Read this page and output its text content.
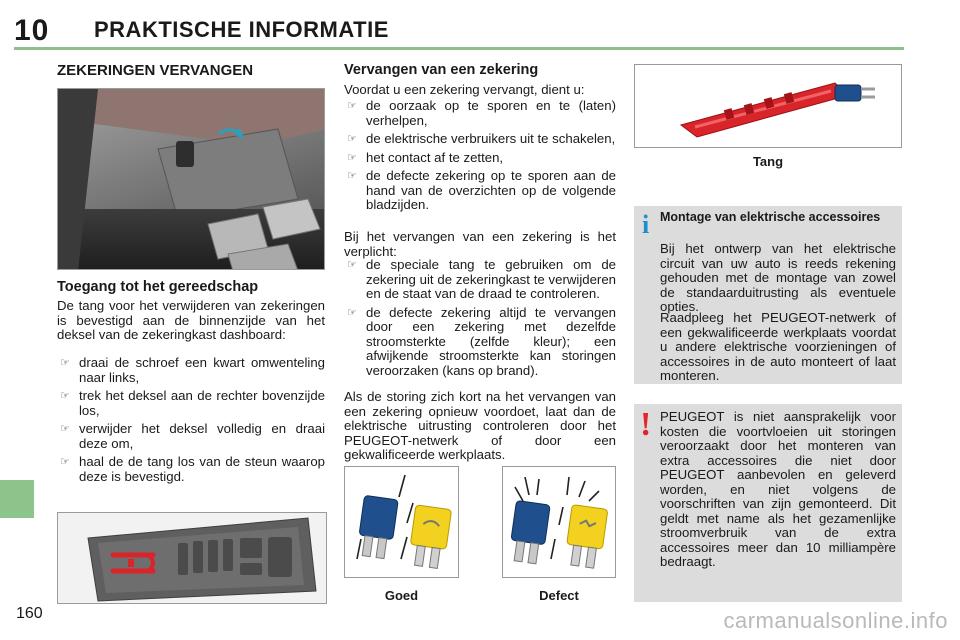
10 PRAKTISCHE INFORMATIE
160	carmanualsonline.info
ZEKERINGEN VERVANGEN
Toegang tot het gereedschap
De tang voor het verwijderen van zekeringen is bevestigd aan de binnenzijde van het deksel van de zekeringkast dashboard:
☞ draai de schroef een kwart omwenteling naar links,
☞ trek het deksel aan de rechter bovenzijde los,
☞ verwijder het deksel volledig en draai deze om,
☞ haal de de tang los van de steun waarop deze is bevestigd.
Vervangen van een zekering
Voordat u een zekering vervangt, dient u:
☞ de oorzaak op te sporen en te (laten) verhelpen,
☞ de elektrische verbruikers uit te schakelen,
☞ het contact af te zetten,
☞ de defecte zekering op te sporen aan de hand van de overzichten op de volgende bladzijden.
Bij het vervangen van een zekering is het verplicht:
☞ de speciale tang te gebruiken om de zekering uit de zekeringkast te verwijderen en de staat van de draad te controleren.
☞ de defecte zekering altijd te vervangen door een zekering met dezelfde stroomsterkte (zelfde kleur); een afwijkende stroomsterkte kan storingen veroorzaken (kans op brand).
Als de storing zich kort na het vervangen van een zekering opnieuw voordoet, laat dan de elektrische uitrusting controleren door het PEUGEOT-netwerk of door een gekwalificeerde werkplaats.
Goed	Defect
Tang
i Montage van elektrische accessoires
Bij het ontwerp van het elektrische circuit van uw auto is reeds rekening gehouden met de montage van zowel de standaarduitrusting als eventuele opties.
Raadpleeg het PEUGEOT-netwerk of een gekwalificeerde werkplaats voordat u andere elektrische voorzieningen of accessoires in de auto monteert of laat monteren.
! PEUGEOT is niet aansprakelijk voor kosten die voortvloeien uit storingen veroorzaakt door het monteren van extra accessoires die niet door PEUGEOT aanbevolen en geleverd worden, en niet volgens de voorschriften van zijn gemonteerd. Dit geldt met name als het gezamenlijke stroomverbruik van de extra accessoires meer dan 10 milliampère bedraagt.
